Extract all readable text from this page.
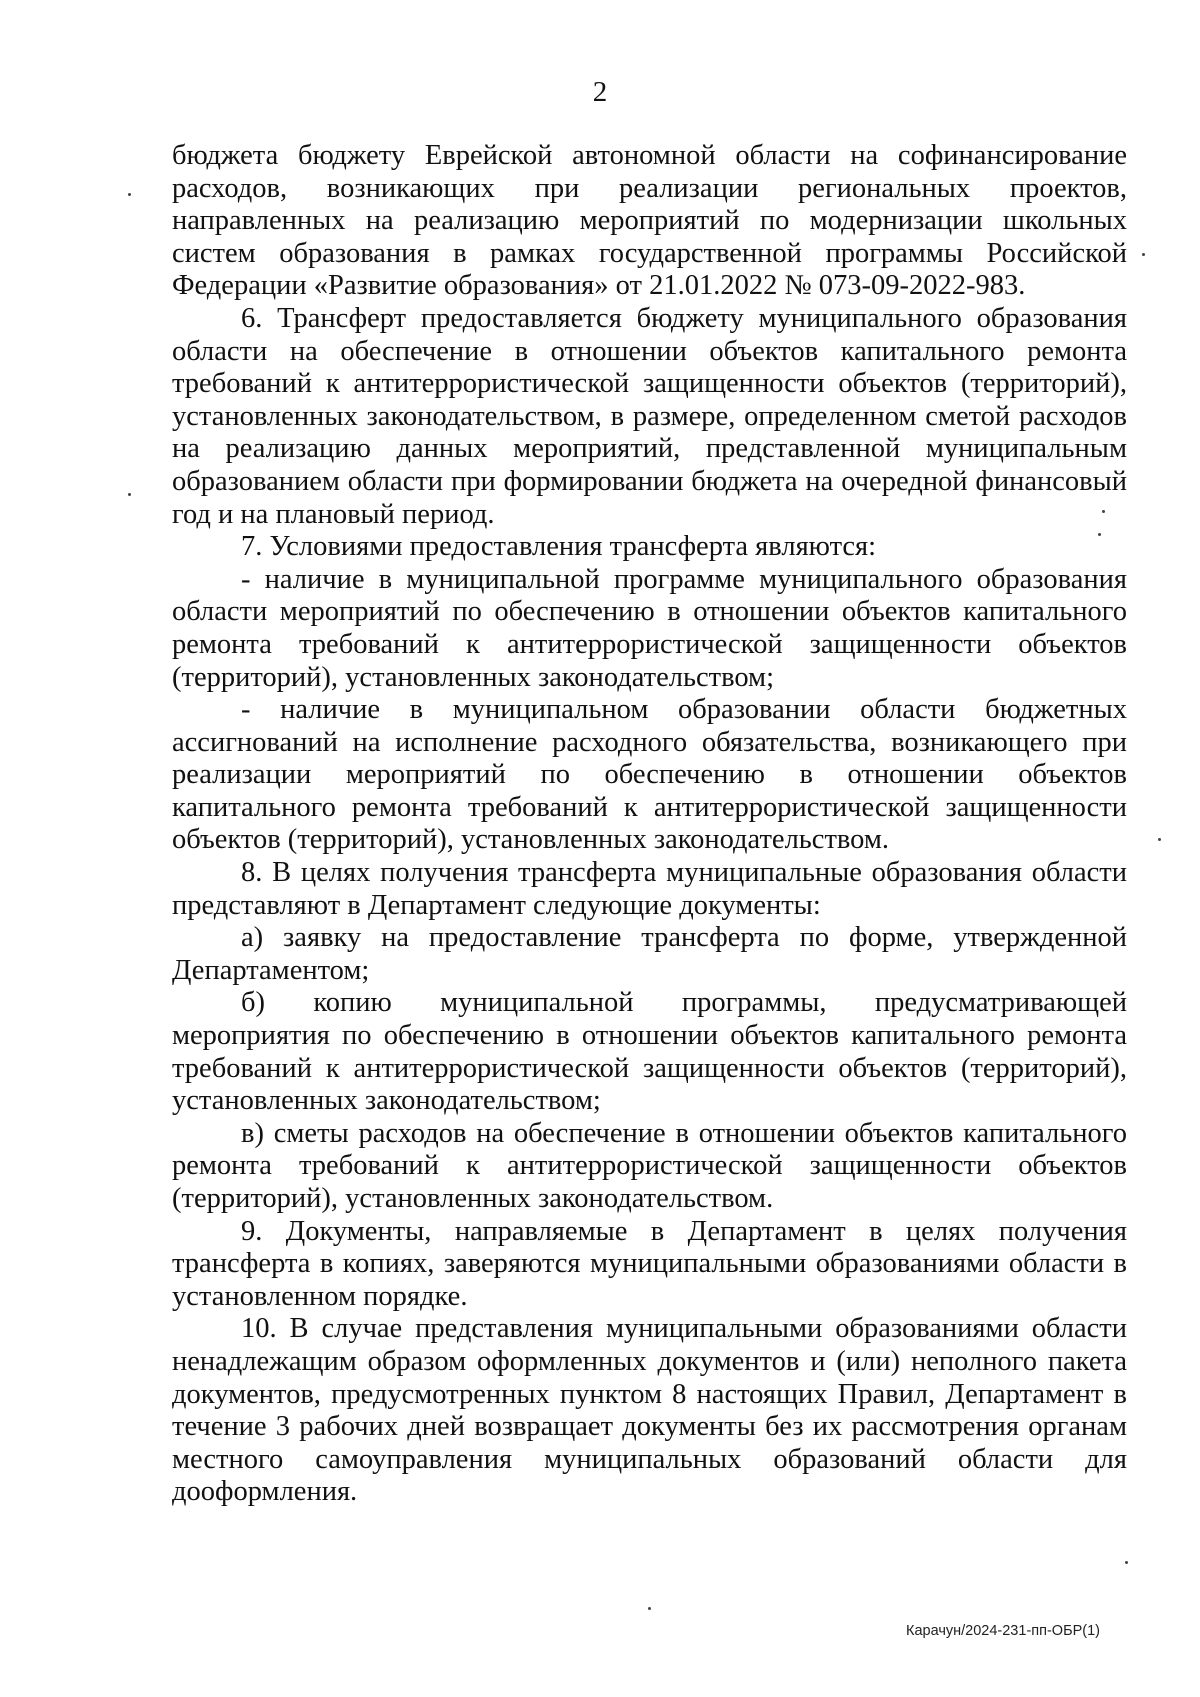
2

бюджета бюджету Еврейской автономной области на софинансирование расходов, возникающих при реализации региональных проектов, направленных на реализацию мероприятий по модернизации школьных систем образования в рамках государственной программы Российской Федерации «Развитие образования» от 21.01.2022 № 073-09-2022-983.

6. Трансферт предоставляется бюджету муниципального образования области на обеспечение в отношении объектов капитального ремонта требований к антитеррористической защищенности объектов (территорий), установленных законодательством, в размере, определенном сметой расходов на реализацию данных мероприятий, представленной муниципальным образованием области при формировании бюджета на очередной финансовый год и на плановый период.

7. Условиями предоставления трансферта являются:

- наличие в муниципальной программе муниципального образования области мероприятий по обеспечению в отношении объектов капитального ремонта требований к антитеррористической защищенности объектов (территорий), установленных законодательством;

- наличие в муниципальном образовании области бюджетных ассигнований на исполнение расходного обязательства, возникающего при реализации мероприятий по обеспечению в отношении объектов капитального ремонта требований к антитеррористической защищенности объектов (территорий), установленных законодательством.

8. В целях получения трансферта муниципальные образования области представляют в Департамент следующие документы:

а) заявку на предоставление трансферта по форме, утвержденной Департаментом;

б) копию муниципальной программы, предусматривающей мероприятия по обеспечению в отношении объектов капитального ремонта требований к антитеррористической защищенности объектов (территорий), установленных законодательством;

в) сметы расходов на обеспечение в отношении объектов капитального ремонта требований к антитеррористической защищенности объектов (территорий), установленных законодательством.

9. Документы, направляемые в Департамент в целях получения трансферта в копиях, заверяются муниципальными образованиями области в установленном порядке.

10. В случае представления муниципальными образованиями области ненадлежащим образом оформленных документов и (или) неполного пакета документов, предусмотренных пунктом 8 настоящих Правил, Департамент в течение 3 рабочих дней возвращает документы без их рассмотрения органам местного самоуправления муниципальных образований области для дооформления.

Карачун/2024-231-пп-ОБР(1)
